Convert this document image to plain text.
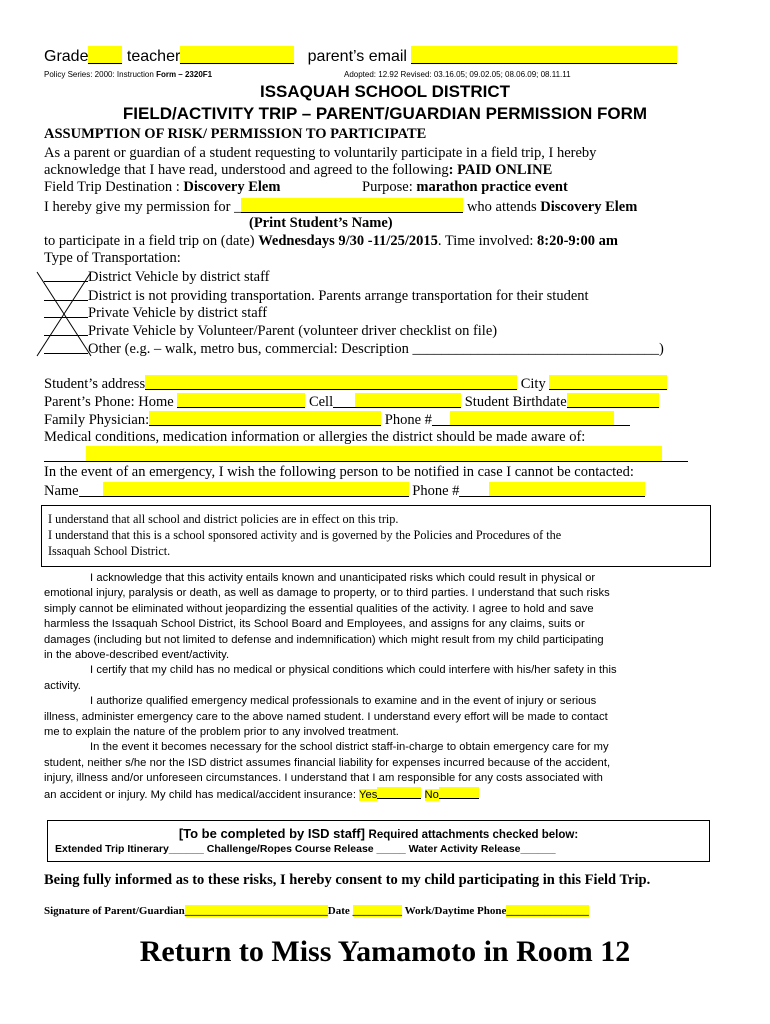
Grade teacher	parent’s email
Policy Series: 2000: Instruction Form – 2320F1	Adopted: 12.92 Revised: 03.16.05; 09.02.05; 08.06.09; 08.11.11
ISSAQUAH SCHOOL DISTRICT
FIELD/ACTIVITY TRIP – PARENT/GUARDIAN PERMISSION FORM
ASSUMPTION OF RISK/ PERMISSION TO PARTICIPATE
As a parent or guardian of a student requesting to voluntarily participate in a field trip, I hereby
acknowledge that I have read, understood and agreed to the following: PAID ONLINE
Field Trip Destination : Discovery Elem	Purpose: marathon practice event
I hereby give my permission for _	who attends Discovery Elem
(Print Student’s Name)
to participate in a field trip on (date) Wednesdays 9/30 -11/25/2015. Time involved: 8:20-9:00 am
Type of Transportation:
District Vehicle by district staff
District is not providing transportation. Parents arrange transportation for their student
Private Vehicle by district staff
Private Vehicle by Volunteer/Parent (volunteer driver checklist on file)
Other (e.g. – walk, metro bus, commercial: Description __________________________________)
Student’s address	City
Parent’s Phone: Home	Cell	Student Birthdate
Family Physician:	Phone #
Medical conditions, medication information or allergies the district should be made aware of:
In the event of an emergency, I wish the following person to be notified in case I cannot be contacted:
Name	Phone #

I understand that all school and district policies are in effect on this trip.

I understand that this is a school sponsored activity and is governed by the Policies and Procedures of the

Issaquah School District.

I acknowledge that this activity entails known and unanticipated risks which could result in physical or
emotional injury, paralysis or death, as well as damage to property, or to third parties. I understand that such risks
simply cannot be eliminated without jeopardizing the essential qualities of the activity. I agree to hold and save
harmless the Issaquah School District, its School Board and Employees, and assigns for any claims, suits or
damages (including but not limited to defense and indemnification) which might result from my child participating
in the above-described event/activity.
I certify that my child has no medical or physical conditions which could interfere with his/her safety in this
activity.
I authorize qualified emergency medical professionals to examine and in the event of injury or serious
illness, administer emergency care to the above named student. I understand every effort will be made to contact
me to explain the nature of the problem prior to any involved treatment.
In the event it becomes necessary for the school district staff-in-charge to obtain emergency care for my
student, neither s/he nor the ISD district assumes financial liability for expenses incurred because of the accident,
injury, illness and/or unforeseen circumstances. I understand that I am responsible for any costs associated with
an accident or injury. My child has medical/accident insurance: Yes	No
[To be completed by ISD staff] Required attachments checked below:
Extended Trip Itinerary______ Challenge/Ropes Course Release _____ Water Activity Release______
Being fully informed as to these risks, I hereby consent to my child participating in this Field Trip.
Signature of Parent/Guardian__________________________Date _________ Work/Daytime Phone_______________
Return to Miss Yamamoto in Room 12
